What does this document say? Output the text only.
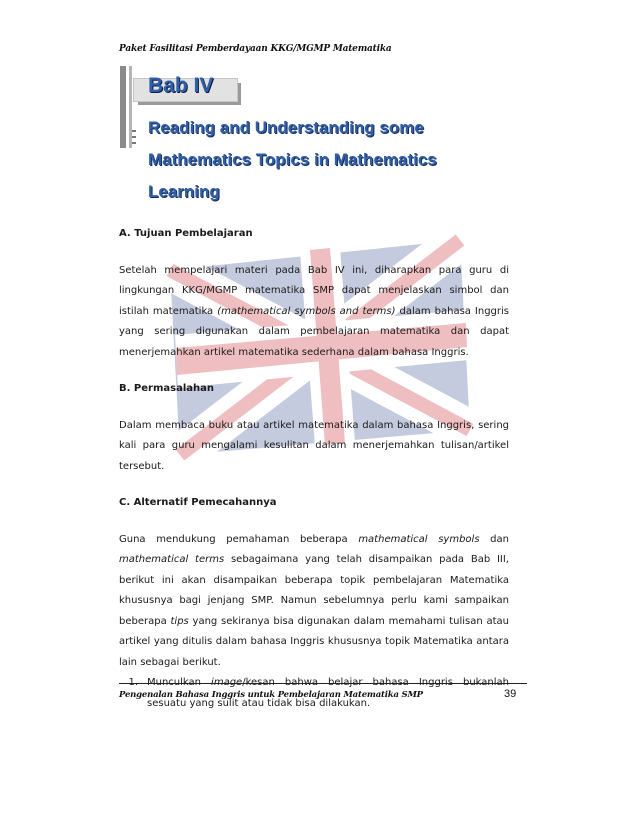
Paket Fasilitasi Pemberdayaan KKG/MGMP Matematika
Bab IV
Reading and Understanding some
Mathematics Topics in Mathematics
Learning

A. Tujuan Pembelajaran

Setelah mempelajari materi pada Bab IV ini, diharapkan para guru di lingkungan KKG/MGMP matematika SMP dapat menjelaskan simbol dan istilah matematika (mathematical symbols and terms) dalam bahasa Inggris yang sering digunakan dalam pembelajaran matematika dan dapat menerjemahkan artikel matematika sederhana dalam bahasa Inggris.

B. Permasalahan

Dalam membaca buku atau artikel matematika dalam bahasa Inggris, sering kali para guru mengalami kesulitan dalam menerjemahkan tulisan/artikel tersebut.

C. Alternatif Pemecahannya

Guna mendukung pemahaman beberapa mathematical symbols dan mathematical terms sebagaimana yang telah disampaikan pada Bab III, berikut ini akan disampaikan beberapa topik pembelajaran Matematika khususnya bagi jenjang SMP. Namun sebelumnya perlu kami sampaikan beberapa tips yang sekiranya bisa digunakan dalam memahami tulisan atau artikel yang ditulis dalam bahasa Inggris khususnya topik Matematika antara lain sebagai berikut.

sesuatu yang sulit atau tidak bisa dilakukan.
Pengenalan Bahasa Inggris untuk Pembelajaran Matematika SMP	39
